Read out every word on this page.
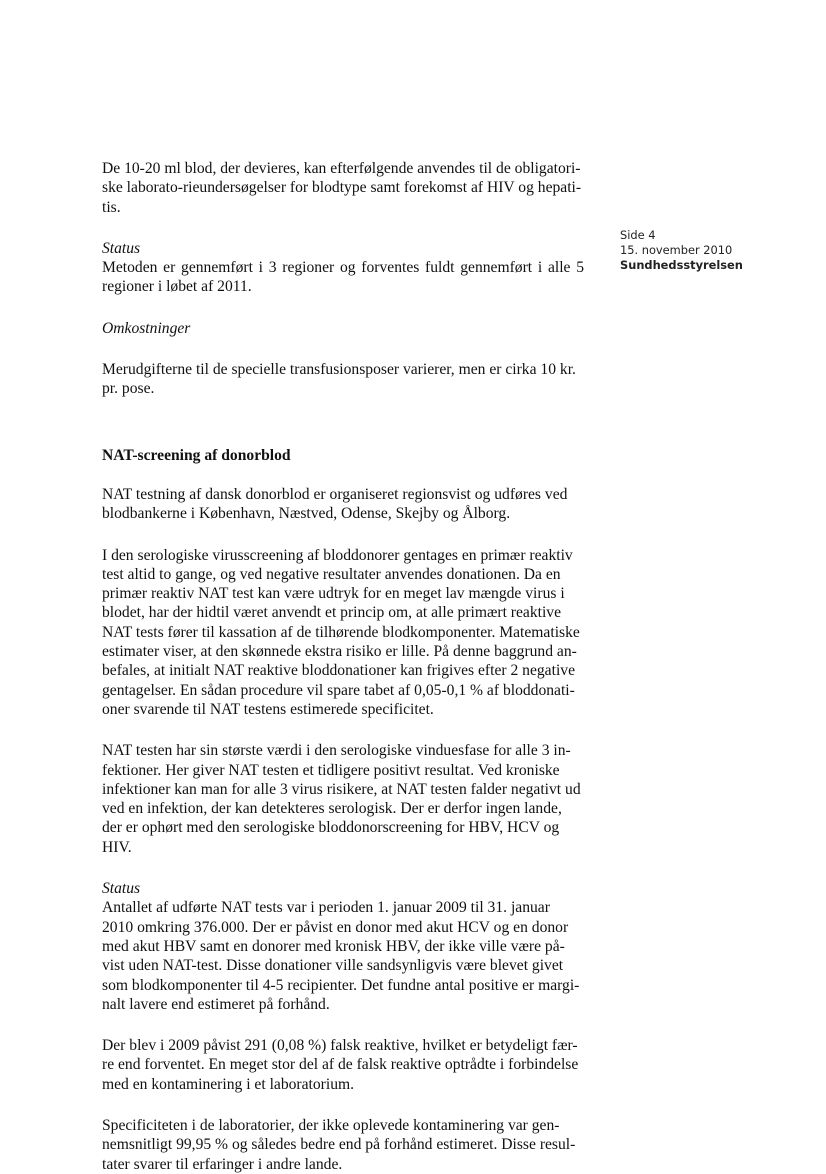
De 10-20 ml blod, der devieres, kan efterfølgende anvendes til de obligatori-
ske laborato-rieundersøgelser for blodtype samt forekomst af HIV og hepati-
tis.

Status
Metoden er gennemført i 3 regioner og forventes fuldt gennemført i alle 5
regioner i løbet af 2011.

Omkostninger

Merudgifterne til de specielle transfusionsposer varierer, men er cirka 10 kr.
pr. pose.

NAT-screening af donorblod

NAT testning af dansk donorblod er organiseret regionsvist og udføres ved
blodbankerne i København, Næstved, Odense, Skejby og Ålborg.

I den serologiske virusscreening af bloddonorer gentages en primær reaktiv
test altid to gange, og ved negative resultater anvendes donationen. Da en
primær reaktiv NAT test kan være udtryk for en meget lav mængde virus i
blodet, har der hidtil været anvendt et princip om, at alle primært reaktive
NAT tests fører til kassation af de tilhørende blodkomponenter. Matematiske
estimater viser, at den skønnede ekstra risiko er lille. På denne baggrund an-
befales, at initialt NAT reaktive bloddonationer kan frigives efter 2 negative
gentagelser. En sådan procedure vil spare tabet af 0,05-0,1 % af bloddonati-
oner svarende til NAT testens estimerede specificitet.

NAT testen har sin største værdi i den serologiske vinduesfase for alle 3 in-
fektioner. Her giver NAT testen et tidligere positivt resultat. Ved kroniske
infektioner kan man for alle 3 virus risikere, at NAT testen falder negativt ud
ved en infektion, der kan detekteres serologisk. Der er derfor ingen lande,
der er ophørt med den serologiske bloddonorscreening for HBV, HCV og
HIV.

Status
Antallet af udførte NAT tests var i perioden 1. januar 2009 til 31. januar
2010 omkring 376.000. Der er påvist en donor med akut HCV og en donor
med akut HBV samt en donorer med kronisk HBV, der ikke ville være på-
vist uden NAT-test. Disse donationer ville sandsynligvis være blevet givet
som blodkomponenter til 4-5 recipienter. Det fundne antal positive er margi-
nalt lavere end estimeret på forhånd.

Der blev i 2009 påvist 291 (0,08 %) falsk reaktive, hvilket er betydeligt fær-
re end forventet. En meget stor del af de falsk reaktive optrådte i forbindelse
med en kontaminering i et laboratorium.

Specificiteten i de laboratorier, der ikke oplevede kontaminering var gen-
nemsnitligt 99,95 % og således bedre end på forhånd estimeret. Disse resul-
tater svarer til erfaringer i andre lande.

Side 4
15. november 2010
Sundhedsstyrelsen
